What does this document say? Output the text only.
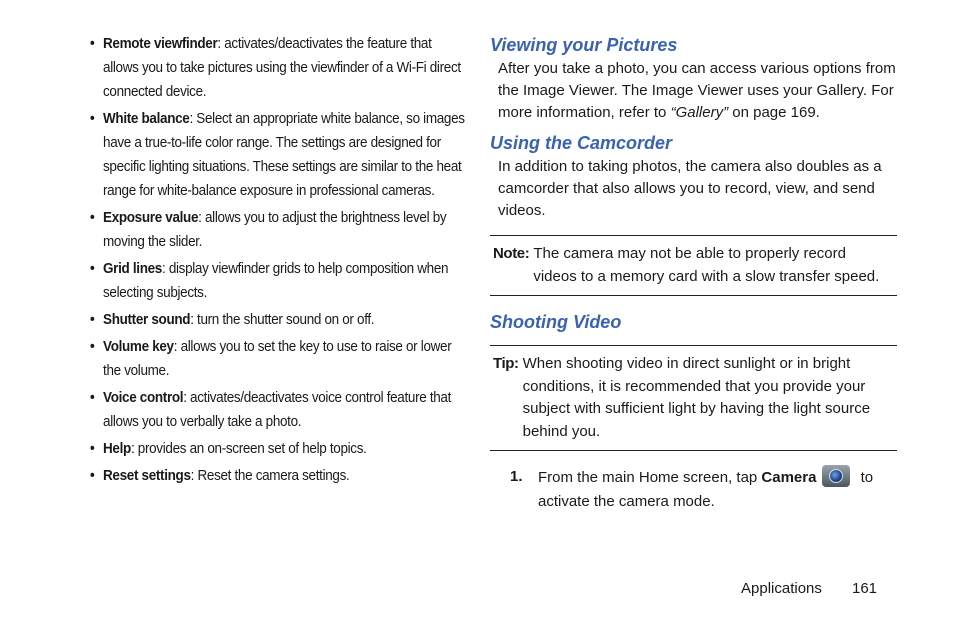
• Remote viewfinder: activates/deactivates the feature that allows you to take pictures using the viewfinder of a Wi-Fi direct connected device.
• White balance: Select an appropriate white balance, so images have a true-to-life color range. The settings are designed for specific lighting situations. These settings are similar to the heat range for white-balance exposure in professional cameras.
• Exposure value: allows you to adjust the brightness level by moving the slider.
• Grid lines: display viewfinder grids to help composition when selecting subjects.
• Shutter sound: turn the shutter sound on or off.
• Volume key: allows you to set the key to use to raise or lower the volume.
• Voice control: activates/deactivates voice control feature that allows you to verbally take a photo.
• Help: provides an on-screen set of help topics.
• Reset settings: Reset the camera settings.
Viewing your Pictures

After you take a photo, you can access various options from the Image Viewer. The Image Viewer uses your Gallery. For more information, refer to “Gallery” on page 169.

Using the Camcorder

In addition to taking photos, the camera also doubles as a camcorder that also allows you to record, view, and send videos.

Note: The camera may not be able to properly record videos to a memory card with a slow transfer speed.
Shooting Video
Tip: When shooting video in direct sunlight or in bright conditions, it is recommended that you provide your subject with sufficient light by having the light source behind you.
1.	From the main Home screen, tap Camera	to activate the camera mode.
Applications 161
